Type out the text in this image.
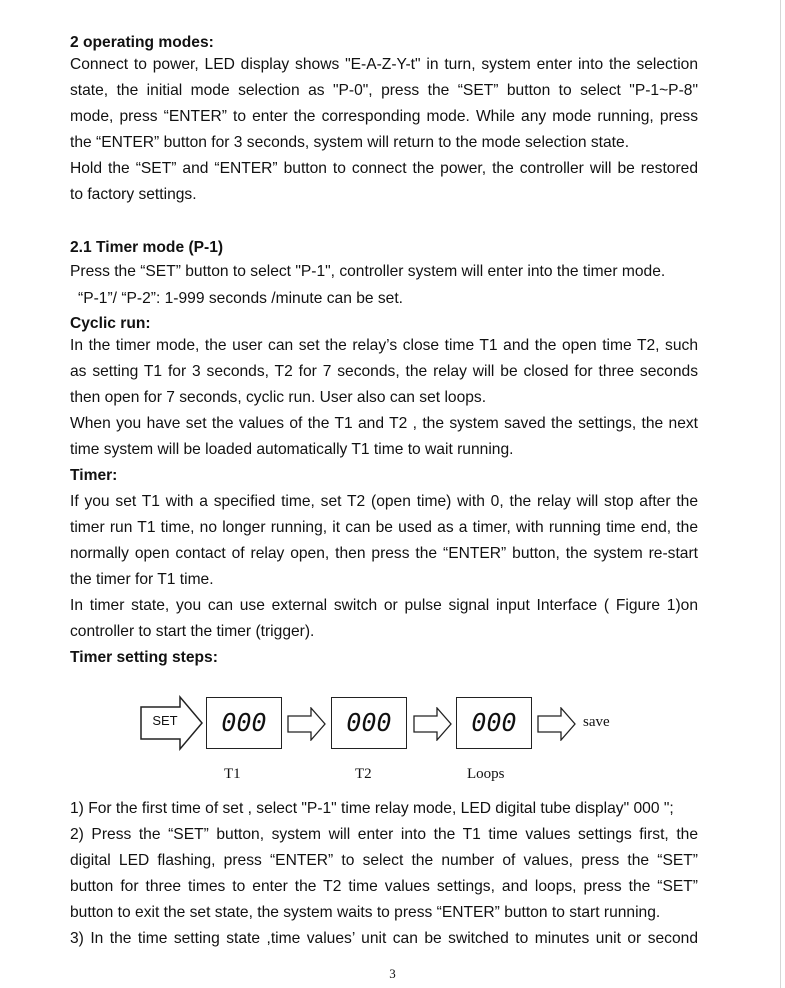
2 operating modes:
Connect to power, LED display shows "E-A-Z-Y-t" in turn, system enter into the selection
state, the initial mode selection as "P-0", press the “SET” button to select "P-1~P-8"
mode, press “ENTER” to enter the corresponding mode. While any mode running, press
the “ENTER” button for 3 seconds, system will return to the mode selection state.
Hold the “SET” and “ENTER” button to connect the power, the controller will be restored
to factory settings.
2.1 Timer mode (P-1)
Press the “SET” button to select "P-1", controller system will enter into the timer mode.
“P-1”/ “P-2”: 1-999 seconds /minute can be set.
Cyclic run:
In the timer mode, the user can set the relay’s close time T1 and the open time T2, such
as setting T1 for 3 seconds, T2 for 7 seconds, the relay will be closed for three seconds
then open for 7 seconds, cyclic run. User also can set loops.
When you have set the values of the T1 and T2 , the system saved the settings, the next
time system will be loaded automatically T1 time to wait running.
Timer:
If you set T1 with a specified time, set T2 (open time) with 0, the relay will stop after the
timer run T1 time, no longer running, it can be used as a timer, with running time end, the
normally open contact of relay open, then press the “ENTER” button, the system re-start
the timer for T1 time.
In timer state, you can use external switch or pulse signal input Interface ( Figure 1)on
controller to start the timer (trigger).
Timer setting steps:
1) For the first time of set , select "P-1" time relay mode, LED digital tube display" 000 ";
2) Press the “SET” button, system will enter into the T1 time values settings first, the
digital LED flashing, press “ENTER” to select the number of values, press the “SET”
button for three times to enter the T2 time values settings, and loops, press the “SET”
button to exit the set state, the system waits to press “ENTER” button to start running.
3) In the time setting state ,time values’ unit can be switched to minutes unit or second
SET	000	000	000	save
T1	T2	Loops
3
